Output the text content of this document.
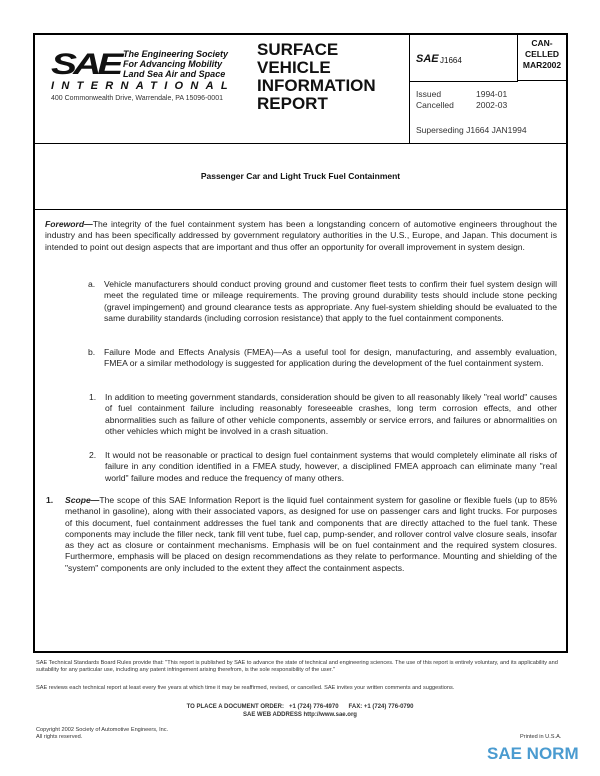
SAE The Engineering Society
For Advancing Mobility
Land Sea Air and Space
INTERNATIONAL
400 Commonwealth Drive, Warrendale, PA 15096-0001
SURFACE
VEHICLE
INFORMATION
REPORT
SAE J1664
CAN-
CELLED
MAR2002
Issued	1994-01
Cancelled	2002-03
Superseding J1664 JAN1994
Passenger Car and Light Truck Fuel Containment
Foreword—The integrity of the fuel containment system has been a longstanding concern of automotive engineers throughout the industry and has been specifically addressed by government regulatory authorities in the U.S., Europe, and Japan. This document is intended to point out design aspects that are important and thus offer an opportunity for overall improvement in system design.
a. Vehicle manufacturers should conduct proving ground and customer fleet tests to confirm their fuel system design will meet the regulated time or mileage requirements. The proving ground durability tests should include stone pecking (gravel impingement) and ground clearance tests as appropriate. Any fuel-system shielding should be evaluated to the same durability standards (including corrosion resistance) that apply to the fuel containment components.
b. Failure Mode and Effects Analysis (FMEA)—As a useful tool for design, manufacturing, and assembly evaluation, FMEA or a similar methodology is suggested for application during the development of the fuel containment system.
1. In addition to meeting government standards, consideration should be given to all reasonably likely "real world" causes of fuel containment failure including reasonably foreseeable crashes, long term corrosion effects, and other abnormalities such as failure of other vehicle components, assembly or service errors, and failures or abnormalities on other vehicles which might be involved in a crash situation.
2. It would not be reasonable or practical to design fuel containment systems that would completely eliminate all risks of failure in any condition identified in a FMEA study, however, a disciplined FMEA approach can eliminate many "real world" failure modes and reduce the frequency of many others.
1. Scope—The scope of this SAE Information Report is the liquid fuel containment system for gasoline or flexible fuels (up to 85% methanol in gasoline), along with their associated vapors, as designed for use on passenger cars and light trucks. For purposes of this document, fuel containment addresses the fuel tank and components that are directly attached to the fuel tank. These components may include the filler neck, tank fill vent tube, fuel cap, pump-sender, and rollover control valve closure seals, insofar as they act as closure or containment mechanisms. Emphasis will be on fuel containment and the required system closures. Furthermore, emphasis will be placed on design recommendations as they relate to performance. Mounting and shielding of the "system" components are only included to the extent they affect the containment aspects.
SAE Technical Standards Board Rules provide that: "This report is published by SAE to advance the state of technical and engineering sciences. The use of this report is entirely voluntary, and its applicability and suitability for any particular use, including any patent infringement arising therefrom, is the sole responsibility of the user."
SAE reviews each technical report at least every five years at which time it may be reaffirmed, revised, or cancelled. SAE invites your written comments and suggestions.
TO PLACE A DOCUMENT ORDER:   +1 (724) 776-4970      FAX: +1 (724) 776-0790
SAE WEB ADDRESS http://www.sae.org
Copyright 2002 Society of Automotive Engineers, Inc.
All rights reserved.	Printed in U.S.A.
SAE NORM
